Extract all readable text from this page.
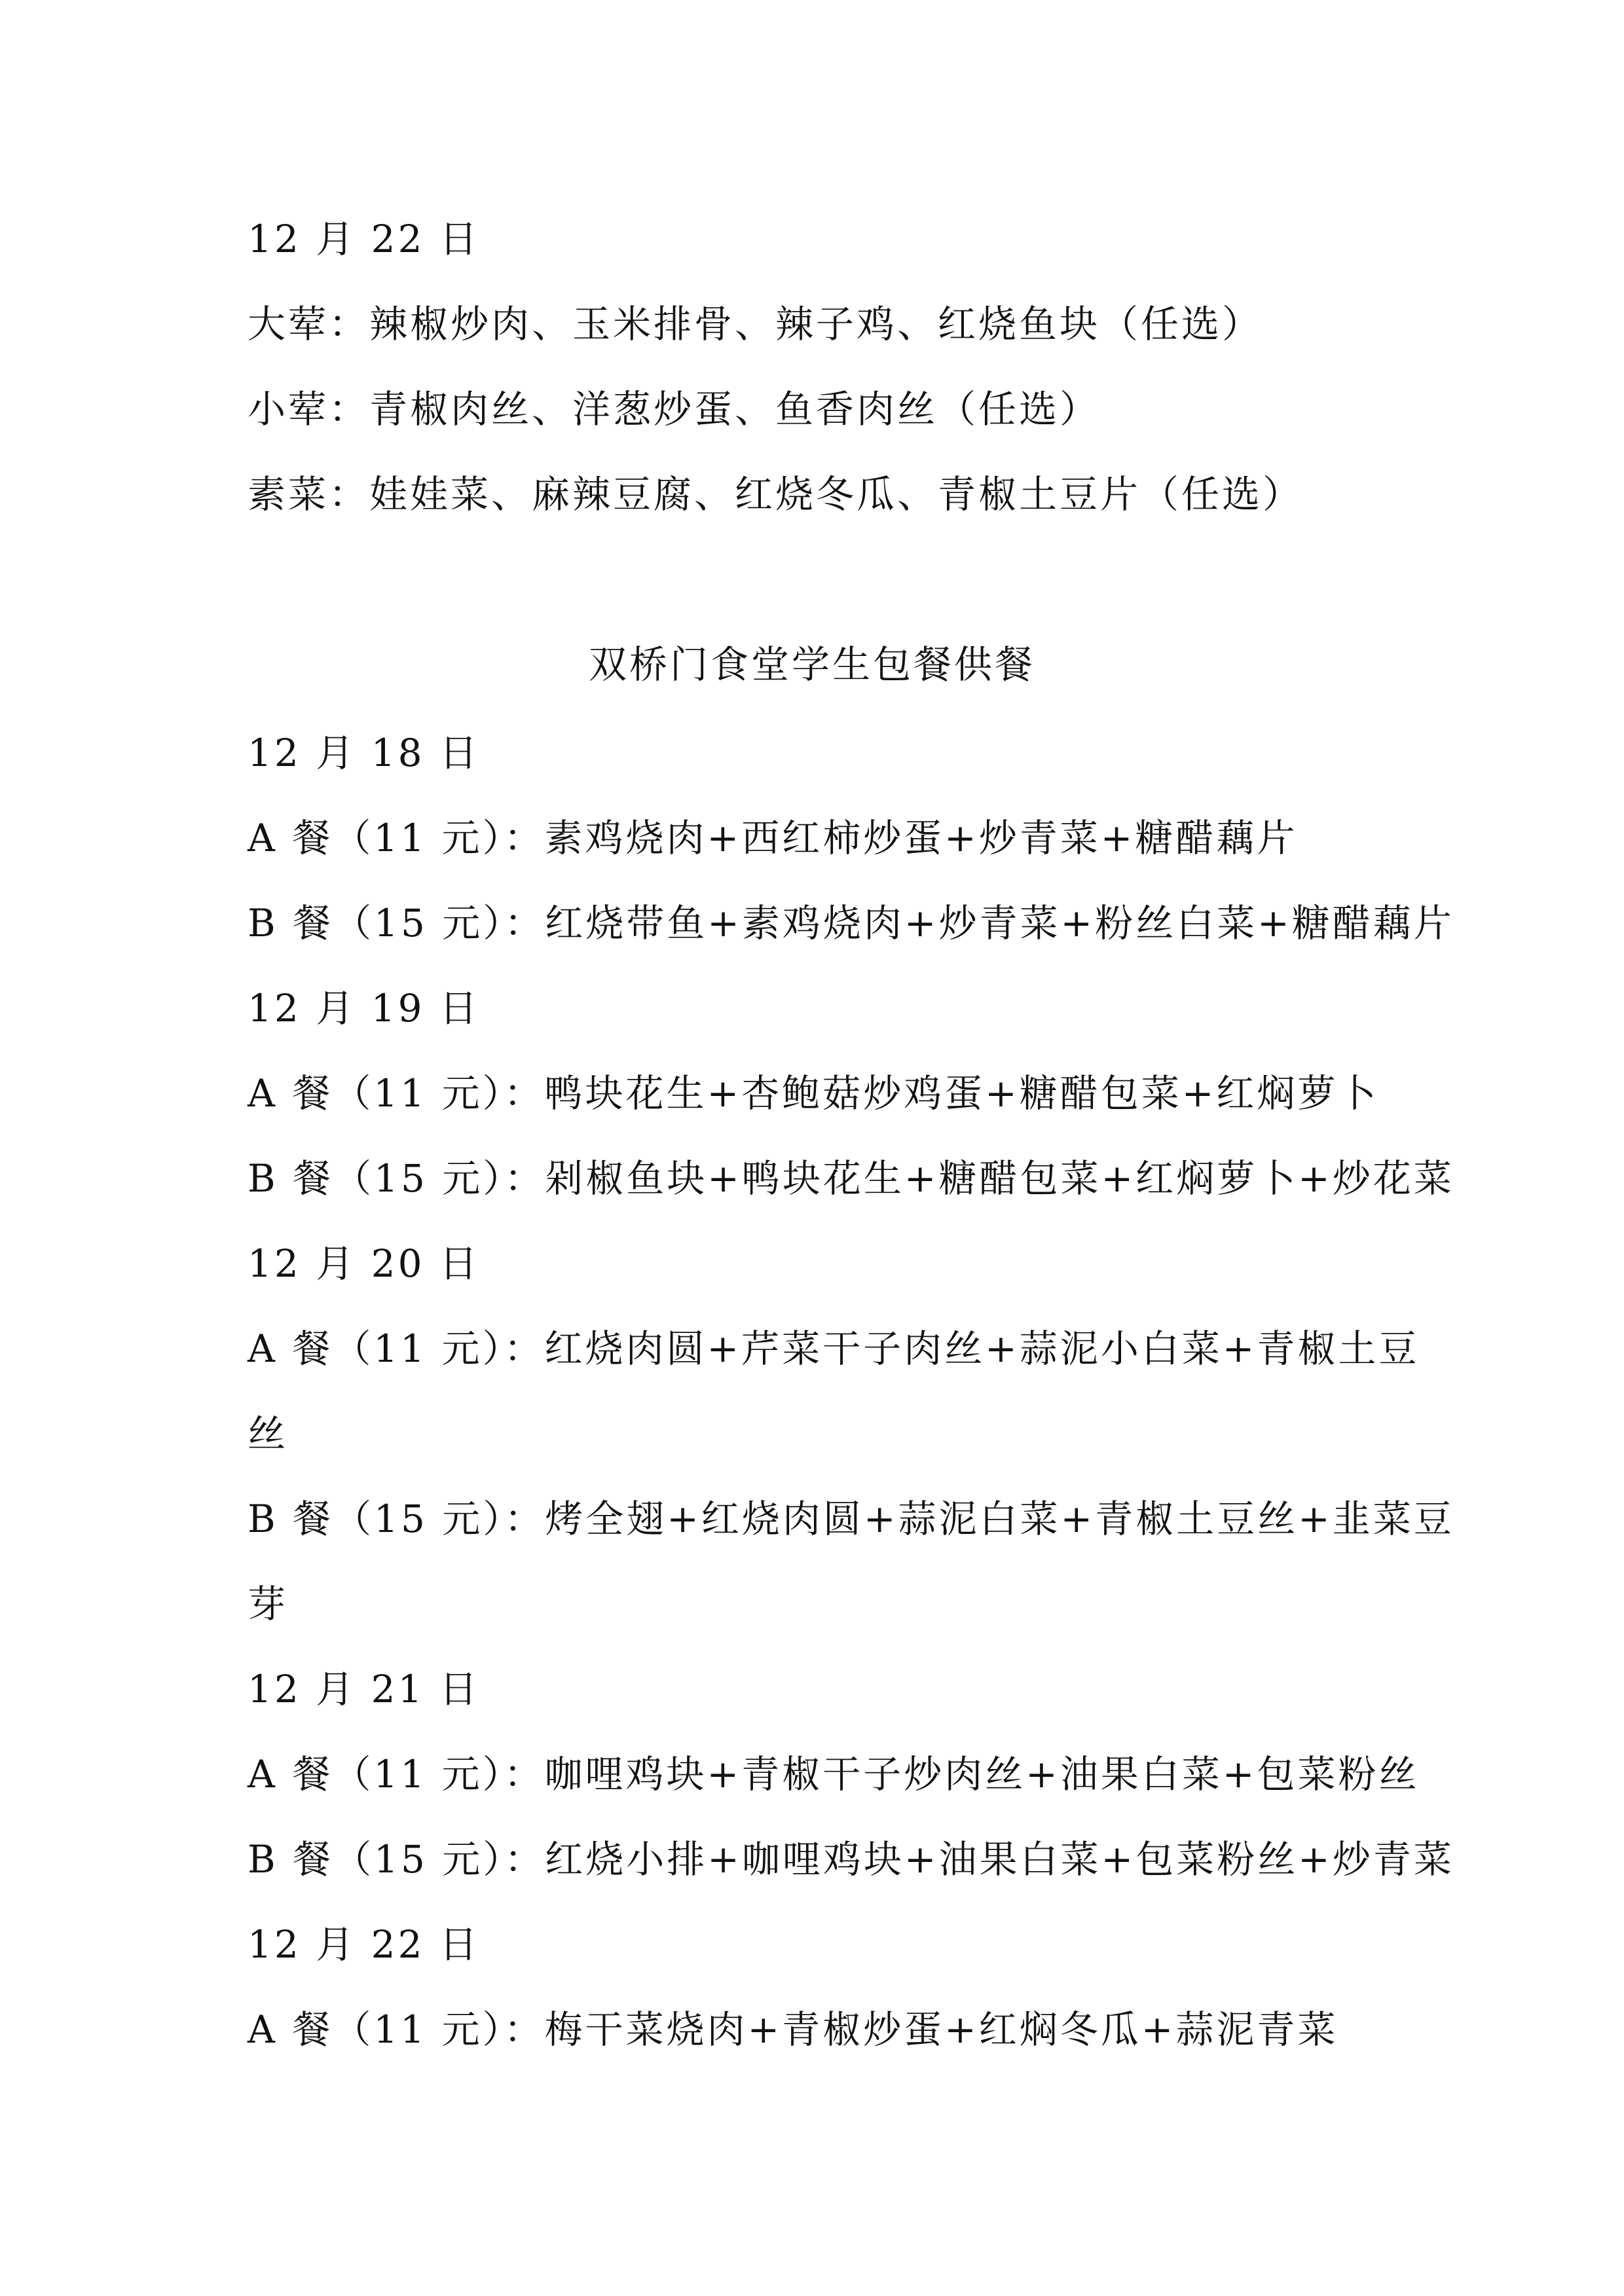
12 月 22 日
大荤：辣椒炒肉、玉米排骨、辣子鸡、红烧鱼块（任选）
小荤：青椒肉丝、洋葱炒蛋、鱼香肉丝（任选）
素菜：娃娃菜、麻辣豆腐、红烧冬瓜、青椒土豆片（任选）
双桥门食堂学生包餐供餐
12 月 18 日
A 餐（11 元）：素鸡烧肉+西红柿炒蛋+炒青菜+糖醋藕片
B 餐（15 元）：红烧带鱼+素鸡烧肉+炒青菜+粉丝白菜+糖醋藕片
12 月 19 日
A 餐（11 元）：鸭块花生+杏鲍菇炒鸡蛋+糖醋包菜+红焖萝卜
B 餐（15 元）：剁椒鱼块+鸭块花生+糖醋包菜+红焖萝卜+炒花菜
12 月 20 日
A 餐（11 元）：红烧肉圆+芹菜干子肉丝+蒜泥小白菜+青椒土豆
丝
B 餐（15 元）：烤全翅+红烧肉圆+蒜泥白菜+青椒土豆丝+韭菜豆
芽
12 月 21 日
A 餐（11 元）：咖哩鸡块+青椒干子炒肉丝+油果白菜+包菜粉丝
B 餐（15 元）：红烧小排+咖哩鸡块+油果白菜+包菜粉丝+炒青菜
12 月 22 日
A 餐（11 元）：梅干菜烧肉+青椒炒蛋+红焖冬瓜+蒜泥青菜
